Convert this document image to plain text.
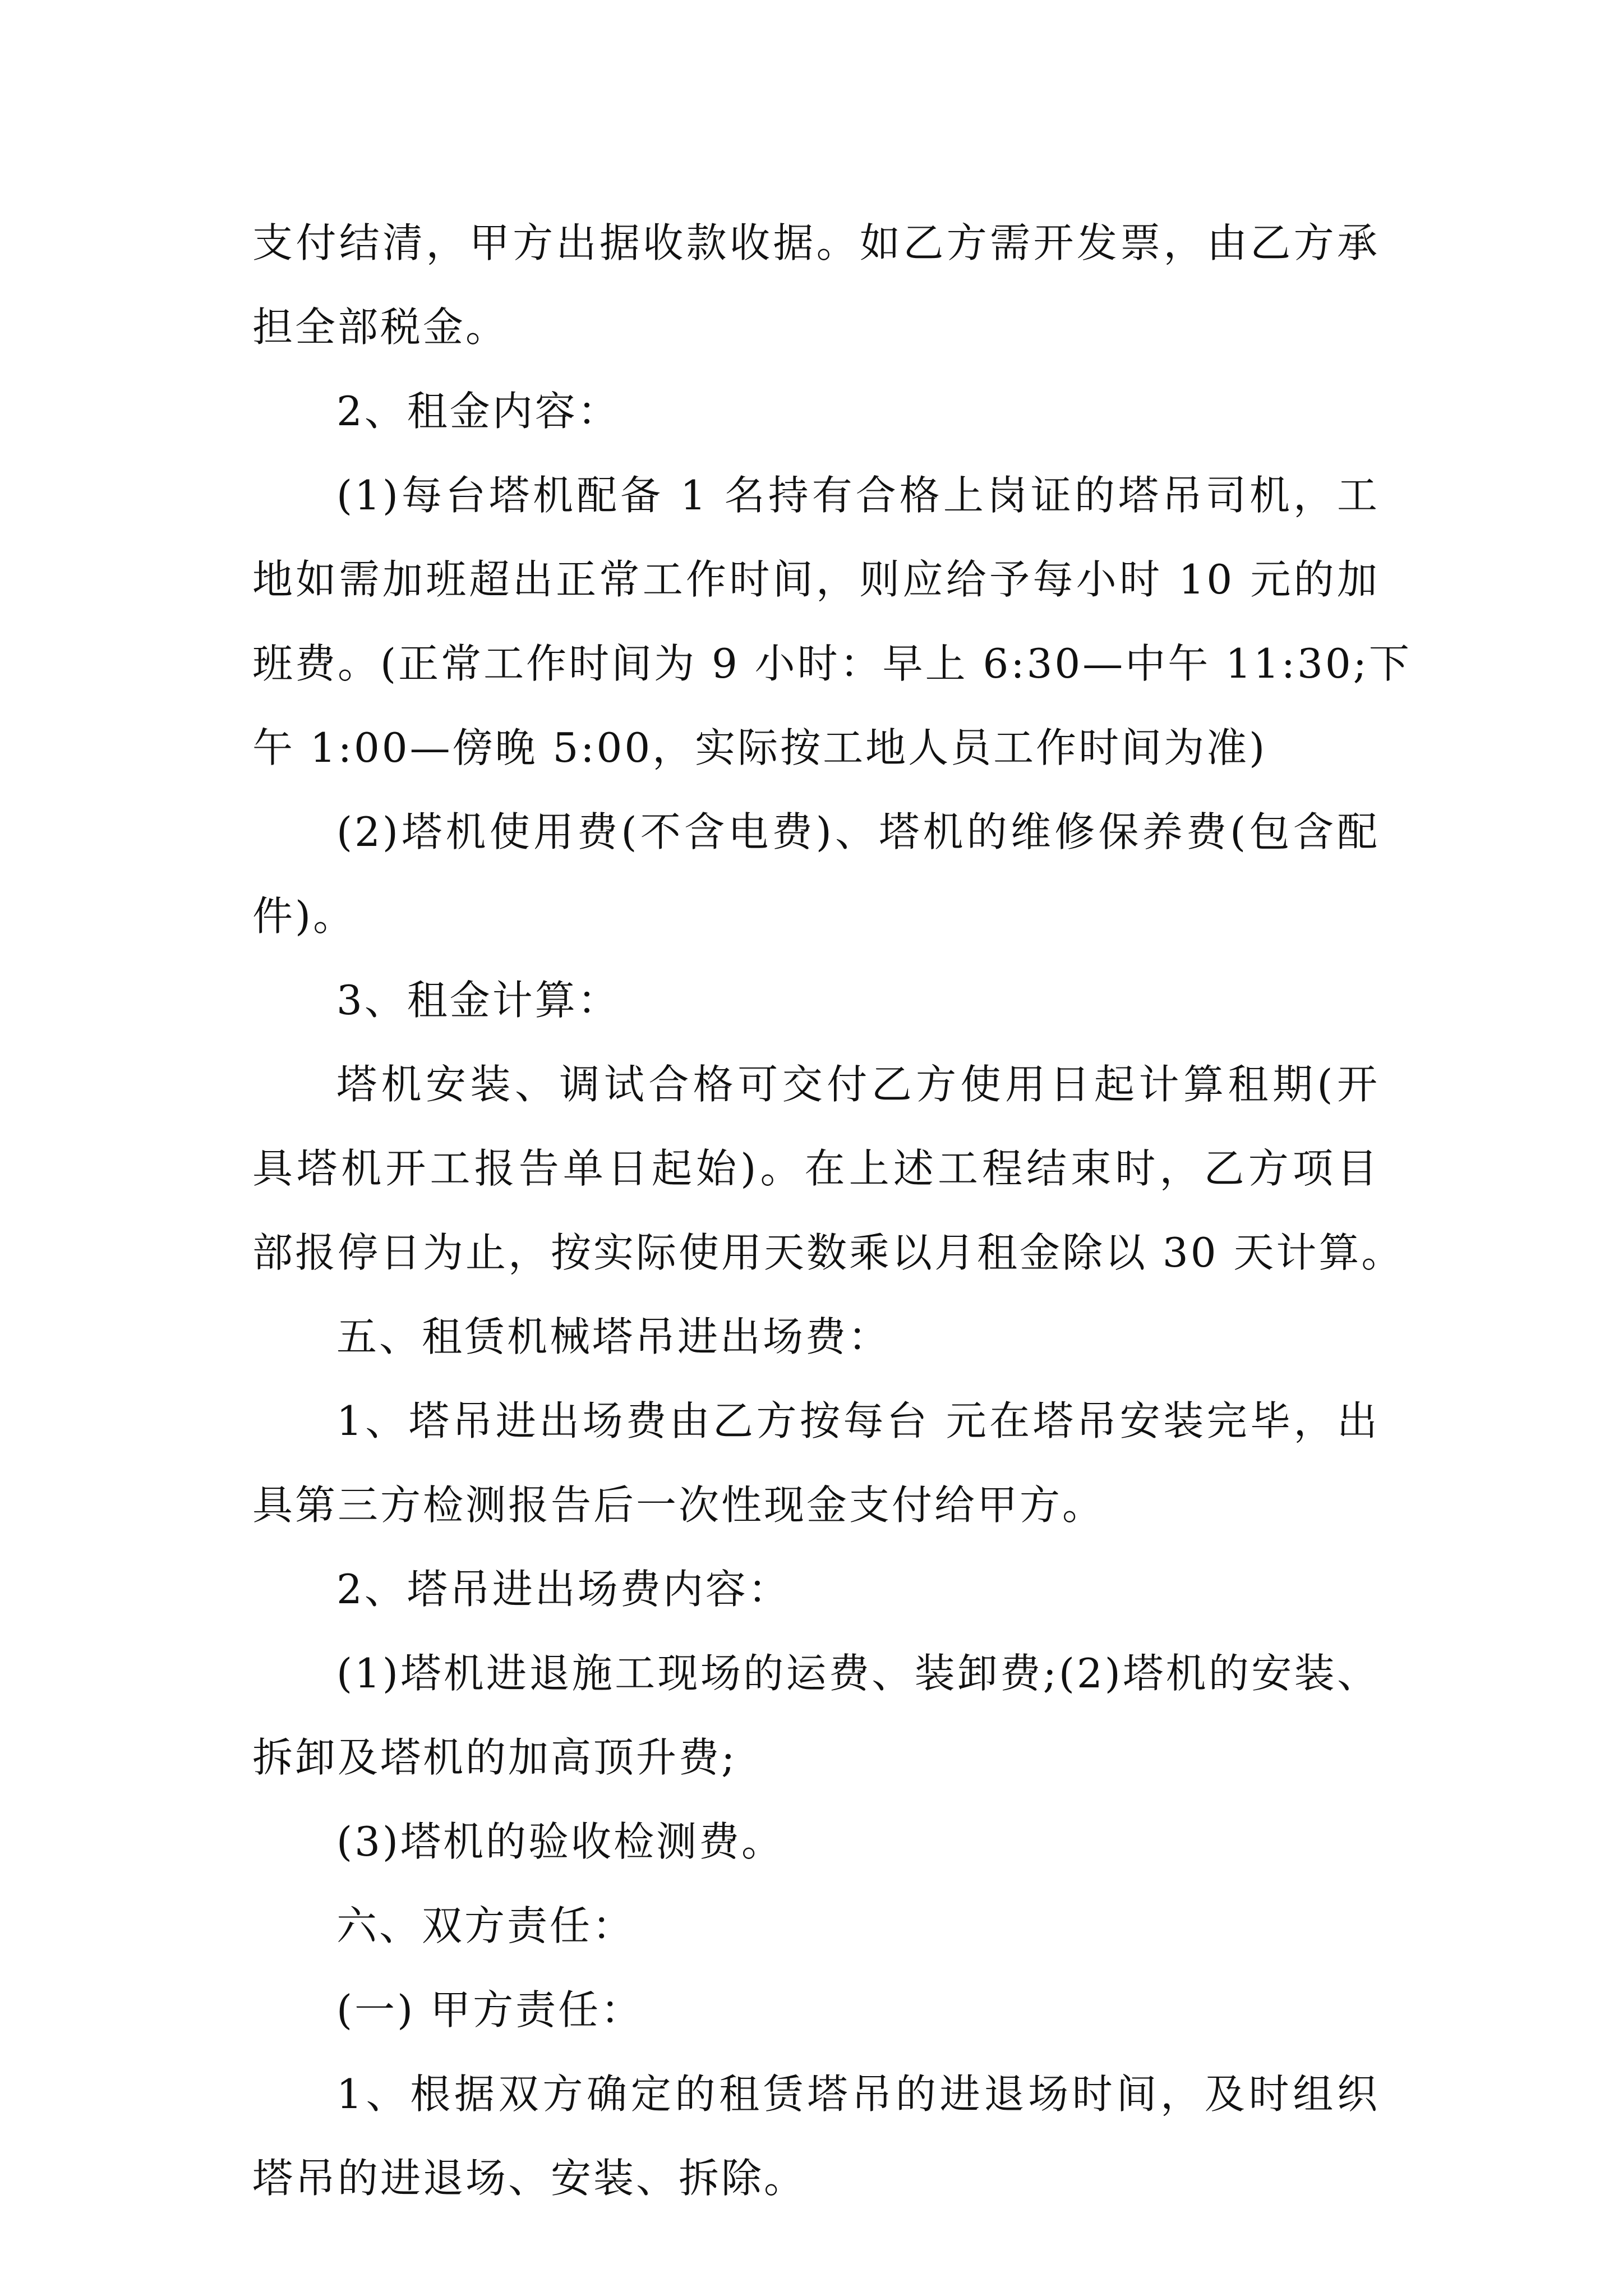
支付结清，甲方出据收款收据。如乙方需开发票，由乙方承
担全部税金。
2、租金内容：
(1)每台塔机配备 1 名持有合格上岗证的塔吊司机，工
地如需加班超出正常工作时间，则应给予每小时 10 元的加
班费。(正常工作时间为 9 小时：早上 6:30—中午 11:30;下
午 1:00—傍晚 5:00，实际按工地人员工作时间为准)
(2)塔机使用费(不含电费)、塔机的维修保养费(包含配
件)。
3、租金计算：
塔机安装、调试合格可交付乙方使用日起计算租期(开
具塔机开工报告单日起始)。在上述工程结束时，乙方项目
部报停日为止，按实际使用天数乘以月租金除以 30 天计算。
五、租赁机械塔吊进出场费：
1、塔吊进出场费由乙方按每台 元在塔吊安装完毕，出
具第三方检测报告后一次性现金支付给甲方。
2、塔吊进出场费内容：
(1)塔机进退施工现场的运费、装卸费;(2)塔机的安装、
拆卸及塔机的加高顶升费;
(3)塔机的验收检测费。
六、双方责任：
(一) 甲方责任：
1、根据双方确定的租赁塔吊的进退场时间，及时组织
塔吊的进退场、安装、拆除。
